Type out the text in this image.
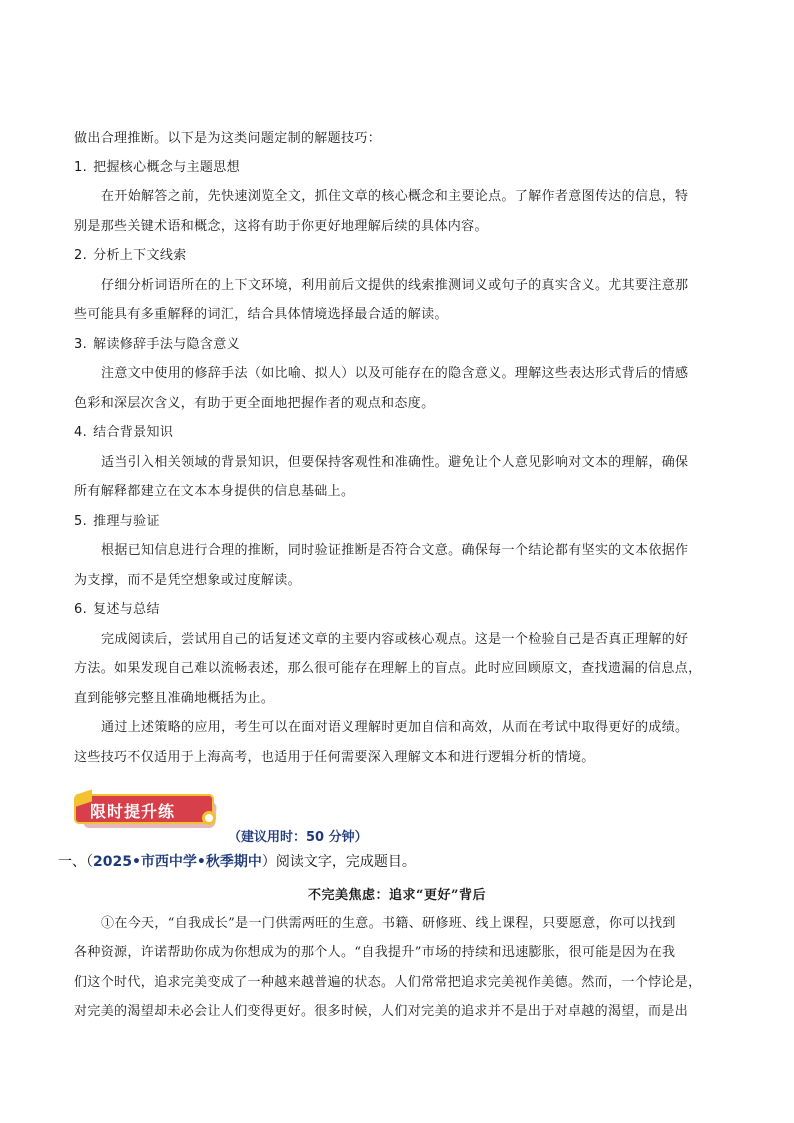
做出合理推断。以下是为这类问题定制的解题技巧：
1. 把握核心概念与主题思想
在开始解答之前，先快速浏览全文，抓住文章的核心概念和主要论点。了解作者意图传达的信息，特
别是那些关键术语和概念，这将有助于你更好地理解后续的具体内容。
2. 分析上下文线索
仔细分析词语所在的上下文环境，利用前后文提供的线索推测词义或句子的真实含义。尤其要注意那
些可能具有多重解释的词汇，结合具体情境选择最合适的解读。
3. 解读修辞手法与隐含意义
注意文中使用的修辞手法（如比喻、拟人）以及可能存在的隐含意义。理解这些表达形式背后的情感
色彩和深层次含义，有助于更全面地把握作者的观点和态度。
4. 结合背景知识
适当引入相关领域的背景知识，但要保持客观性和准确性。避免让个人意见影响对文本的理解，确保
所有解释都建立在文本本身提供的信息基础上。
5. 推理与验证
根据已知信息进行合理的推断，同时验证推断是否符合文意。确保每一个结论都有坚实的文本依据作
为支撑，而不是凭空想象或过度解读。
6. 复述与总结
完成阅读后，尝试用自己的话复述文章的主要内容或核心观点。这是一个检验自己是否真正理解的好
方法。如果发现自己难以流畅表述，那么很可能存在理解上的盲点。此时应回顾原文，查找遗漏的信息点，
直到能够完整且准确地概括为止。
通过上述策略的应用，考生可以在面对语义理解时更加自信和高效，从而在考试中取得更好的成绩。
这些技巧不仅适用于上海高考，也适用于任何需要深入理解文本和进行逻辑分析的情境。
限时提升练
（建议用时：50 分钟）
一、（2025•市西中学•秋季期中）阅读文字，完成题目。
不完美焦虑：追求“更好”背后
①在今天，“自我成长”是一门供需两旺的生意。书籍、研修班、线上课程，只要愿意，你可以找到
各种资源，许诺帮助你成为你想成为的那个人。“自我提升”市场的持续和迅速膨胀，很可能是因为在我
们这个时代，追求完美变成了一种越来越普遍的状态。人们常常把追求完美视作美德。然而，一个悖论是，
对完美的渴望却未必会让人们变得更好。很多时候，人们对完美的追求并不是出于对卓越的渴望，而是出
